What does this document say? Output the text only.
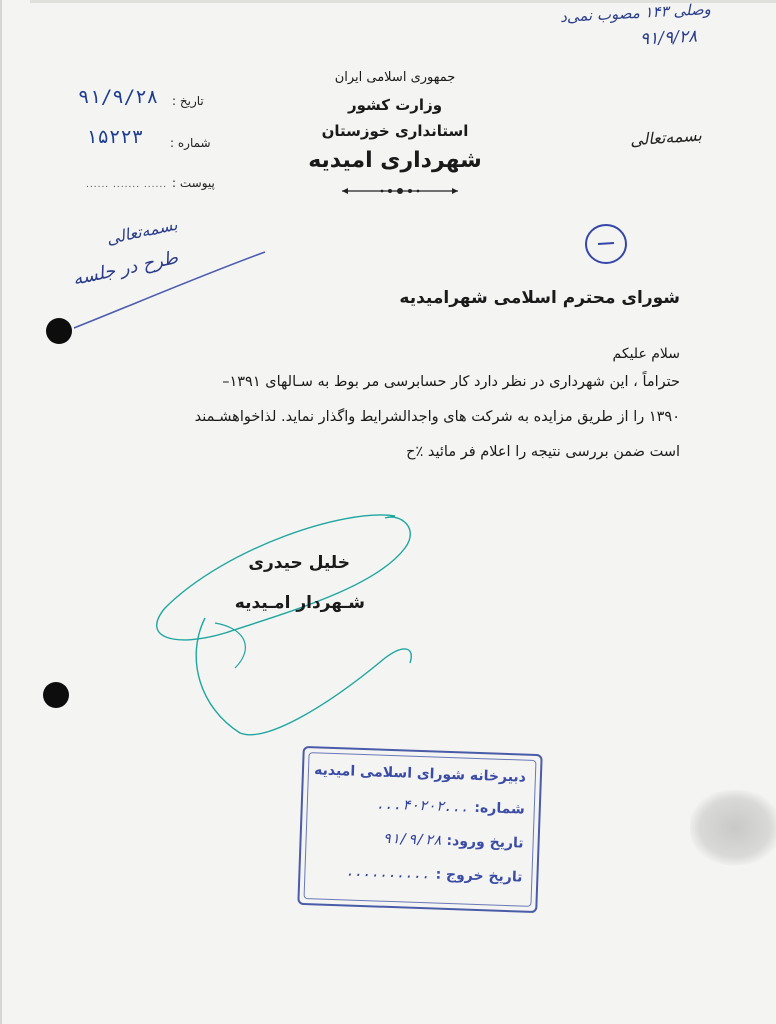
وصلی ۱۴۳ مصوب نمی‌د
۹۱/۹/۲۸
جمهوری اسلامی ایران
وزارت کشور
استانداری خوزستان
شهرداری امیدیه
بسمه‌تعالی
تاریخ :
۹۱/۹/۲۸
شماره :
۱۵۲۲۳
پیوست :
...... ....... ......
بسمه‌تعالی
طرح در جلسه
شورای محترم اسلامی شهرامیدیه
سلام علیکم
حتراماً ، این شهرداری در نظر دارد کار حسابرسی مر بوط به سـالهای ۱۳۹۱–
۱۳۹۰ را از طریق مزایده به شرکت های واجدالشرایط واگذار نماید. لذاخواهشـمند
است ضمن بررسی نتیجه را اعلام فر مائید ٪ح
خلیل حیدری
شـهردار امـیدیه
دبیرخانه شورای اسلامی امیدیه
شماره: ...۴۰۲۰۲...
تاریخ ورود: ۹۱/۹/۲۸
تاریخ خروج : ..........
